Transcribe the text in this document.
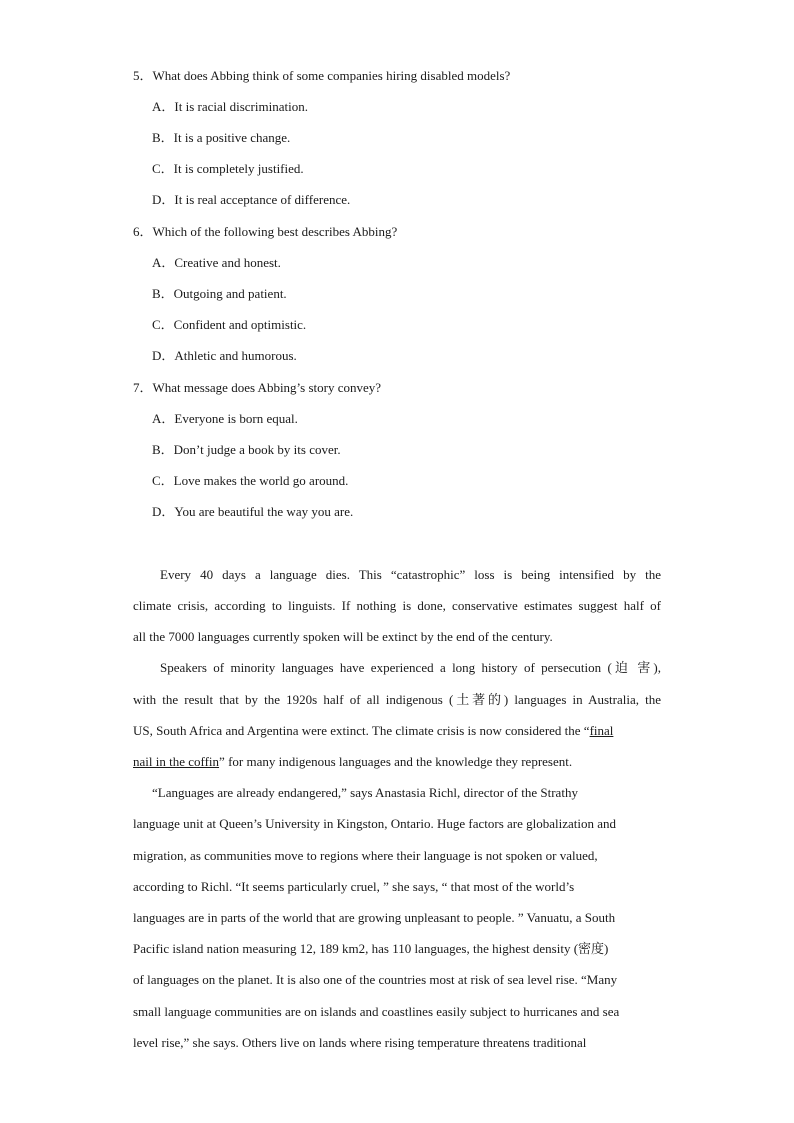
5．What does Abbing think of some companies hiring disabled models?
A．It is racial discrimination.
B．It is a positive change.
C．It is completely justified.
D．It is real acceptance of difference.
6．Which of the following best describes Abbing?
A．Creative and honest.
B．Outgoing and patient.
C．Confident and optimistic.
D．Athletic and humorous.
7．What message does Abbing’s story convey?
A．Everyone is born equal.
B．Don’t judge a book by its cover.
C．Love makes the world go around.
D．You are beautiful the way you are.
Every 40 days a language dies. This “catastrophic” loss is being intensified by the
climate crisis, according to linguists. If nothing is done, conservative estimates suggest half of
all the 7000 languages currently spoken will be extinct by the end of the century.
Speakers of minority languages have experienced a long history of persecution (迫 害),
with the result that by the 1920s half of all indigenous (土著的) languages in Australia, the
US, South Africa and Argentina were extinct. The climate crisis is now considered the “final
nail in the coffin” for many indigenous languages and the knowledge they represent.
“Languages are already endangered,” says Anastasia Richl, director of the Strathy
language unit at Queen’s University in Kingston, Ontario. Huge factors are globalization and
migration, as communities move to regions where their language is not spoken or valued,
according to Richl. “It seems particularly cruel, ” she says, “ that most of the world’s
languages are in parts of the world that are growing unpleasant to people. ” Vanuatu, a South
Pacific island nation measuring 12, 189 km2, has 110 languages, the highest density (密度)
of languages on the planet. It is also one of the countries most at risk of sea level rise. “Many
small language communities are on islands and coastlines easily subject to hurricanes and sea
level rise,” she says. Others live on lands where rising temperature threatens traditional
